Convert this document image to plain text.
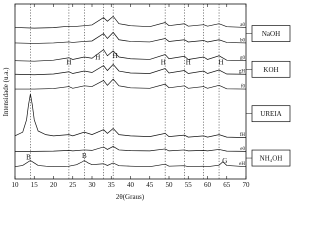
H
H H
H	H	H
B	B
G
a0
b0
g0
gH
f0
fH
e0
eH
10 15 20 25 30 35 40 45 50 55 60 65 70
NaOH
KOH
UREIA
NH₄OH
2θ(Graus)
Intensidade (u.a.)
